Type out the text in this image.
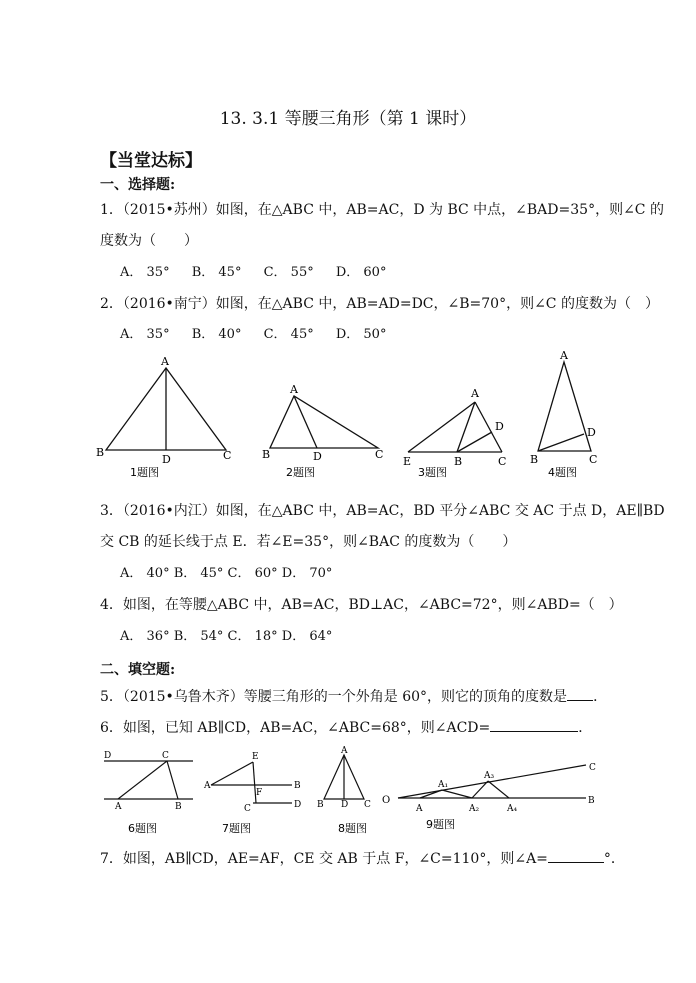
13. 3.1 等腰三角形（第 1 课时）
【当堂达标】
一、选择题:
1．（2015•苏州）如图，在△ABC 中，AB=AC，D 为 BC 中点，∠BAD=35°，则∠C 的
度数为（　　）
A． 35° B． 45° C． 55° D． 60°
2．（2016•南宁）如图，在△ABC 中，AB=AD=DC，∠B=70°，则∠C 的度数为（　）
A． 35° B． 40° C． 45° D． 50°
A
B
D	C
1题图
A
B	D	C
2题图
A
D
E	B	C
3题图
A
B
D
C
4题图
3．（2016•内江）如图，在△ABC 中，AB=AC，BD 平分∠ABC 交 AC 于点 D，AE∥BD
交 CB 的延长线于点 E．若∠E=35°，则∠BAC 的度数为（　　）
A． 40° B． 45° C． 60° D． 70°
4．如图，在等腰△ABC 中，AB=AC，BD⊥AC，∠ABC=72°，则∠ABD=（　）
A． 36° B． 54° C． 18° D． 64°
二、填空题:
5．（2015•乌鲁木齐）等腰三角形的一个外角是 60°，则它的顶角的度数是 ．
6．如图，已知 AB∥CD，AB=AC，∠ABC=68°，则∠ACD=	．
D	C
A	B
6题图
A	B
E
F
C	D
7题图
A
B D C
8题图
O
A
A₁
A₂
A₃
A₄
B
C
9题图
7．如图，AB∥CD，AE=AF，CE 交 AB 于点 F，∠C=110°，则∠A=	°．
